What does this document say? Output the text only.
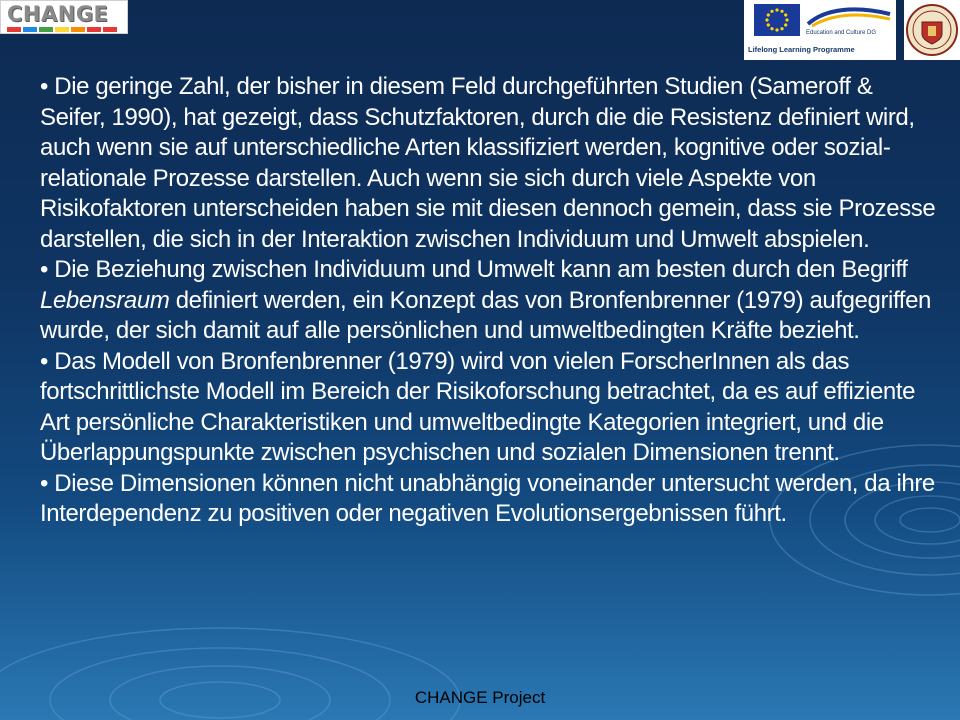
CHANGE
Education and Culture DG
Lifelong Learning Programme

• Die geringe Zahl, der bisher in diesem Feld durchgeführten Studien (Sameroff & Seifer, 1990), hat gezeigt, dass Schutzfaktoren, durch die die Resistenz definiert wird, auch wenn sie auf unterschiedliche Arten klassifiziert werden, kognitive oder sozial-relationale Prozesse darstellen. Auch wenn sie sich durch viele Aspekte von Risikofaktoren unterscheiden haben sie mit diesen dennoch gemein, dass sie Prozesse darstellen, die sich in der Interaktion zwischen Individuum und Umwelt abspielen.

• Die Beziehung zwischen Individuum und Umwelt kann am besten durch den Begriff Lebensraum definiert werden, ein Konzept das von Bronfenbrenner (1979) aufgegriffen wurde, der sich damit auf alle persönlichen und umweltbedingten Kräfte bezieht.

• Das Modell von Bronfenbrenner (1979) wird von vielen ForscherInnen als das fortschrittlichste Modell im Bereich der Risikoforschung betrachtet, da es auf effiziente Art persönliche Charakteristiken und umweltbedingte Kategorien integriert, und die Überlappungspunkte zwischen psychischen und sozialen Dimensionen trennt.

• Diese Dimensionen können nicht unabhängig voneinander untersucht werden, da ihre Interdependenz zu positiven oder negativen Evolutionsergebnissen führt.

CHANGE Project
